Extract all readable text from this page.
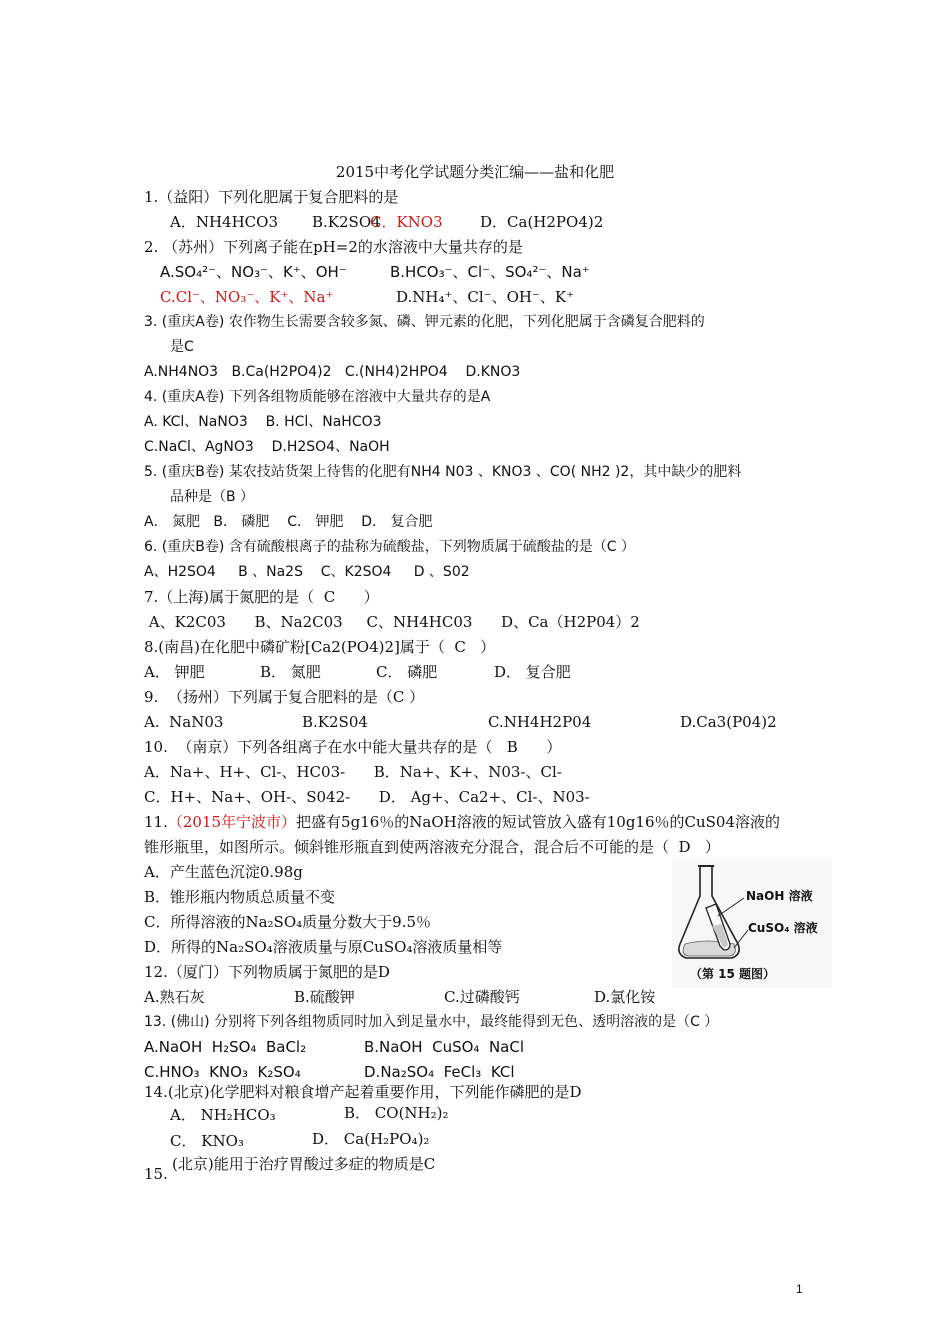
2015中考化学试题分类汇编——盐和化肥
1.（益阳）下列化肥属于复合肥料的是
A．NH4HCO3 B.K2SO4
C．KNO3 D．Ca(H2PO4)2
2. （苏州）下列离子能在pH=2的水溶液中大量共存的是
A.SO₄²⁻、NO₃⁻、K⁺、OH⁻	B.HCO₃⁻、Cl⁻、SO₄²⁻、Na⁺
C.Cl⁻、NO₃⁻、K⁺、Na⁺	D.NH₄⁺、Cl⁻、OH⁻、K⁺
3. (重庆A卷) 农作物生长需要含较多氮、磷、钾元素的化肥，下列化肥属于含磷复合肥料的
是C
A.NH4NO3   B.Ca(H2PO4)2   C.(NH4)2HPO4    D.KNO3
4. (重庆A卷) 下列各组物质能够在溶液中大量共存的是A
A. KCl、NaNO3    B. HCl、NaHCO3
C.NaCl、AgNO3    D.H2SO4、NaOH
5. (重庆B卷) 某农技站货架上待售的化肥有NH4 N03 、KNO3 、CO( NH2 )2，其中缺少的肥料
品种是（B ）
A． 氮肥   B． 磷肥    C． 钾肥    D． 复合肥
6. (重庆B卷) 含有硫酸根离子的盐称为硫酸盐，下列物质属于硫酸盐的是（C ）
A、H2SO4     B 、Na2S    C、K2SO4     D 、S02
7.（上海)属于氮肥的是（  C      ）
A、K2C03      B、Na2C03     C、NH4HC03      D、Ca（H2P04）2
8.(南昌)在化肥中磷矿粉[Ca2(PO4)2]属于（  C   ）
A． 钾肥	B． 氮肥	C． 磷肥	D． 复合肥
9.  （扬州）下列属于复合肥料的是（C ）
A.  NaN03	B.K2S04	C.NH4H2P04	D.Ca3(P04)2
10.  （南京）下列各组离子在水中能大量共存的是（   B      ）
A．Na+、H+、Cl-、HC03-      B．Na+、K+、N03-、Cl-
C．H+、Na+、OH-、S042-      D． Ag+、Ca2+、Cl-、N03-
11.（2015年宁波市）把盛有5g16％的NaOH溶液的短试管放入盛有10g16％的CuS04溶液的
锥形瓶里，如图所示。倾斜锥形瓶直到使两溶液充分混合，混合后不可能的是（  D   ）
A．产生蓝色沉淀0.98g
B．锥形瓶内物质总质量不变
C．所得溶液的Na₂SO₄质量分数大于9.5％
D．所得的Na₂SO₄溶液质量与原CuSO₄溶液质量相等
NaOH 溶液
CuSO₄ 溶液
（第 15 题图）
12.（厦门）下列物质属于氮肥的是D
A.熟石灰	B.硫酸钾	C.过磷酸钙	D.氯化铵
13. (佛山) 分别将下列各组物质同时加入到足量水中，最终能得到无色、透明溶液的是（C ）
A.NaOH  H₂SO₄  BaCl₂	B.NaOH  CuSO₄  NaCl
C.HNO₃  KNO₃  K₂SO₄	D.Na₂SO₄  FeCl₃  KCl
14.(北京)化学肥料对粮食增产起着重要作用，下列能作磷肥的是D
A． NH₂HCO₃	B． CO(NH₂)₂
C． KNO₃	D． Ca(H₂PO₄)₂
(北京)能用于治疗胃酸过多症的物质是C
15.
1
